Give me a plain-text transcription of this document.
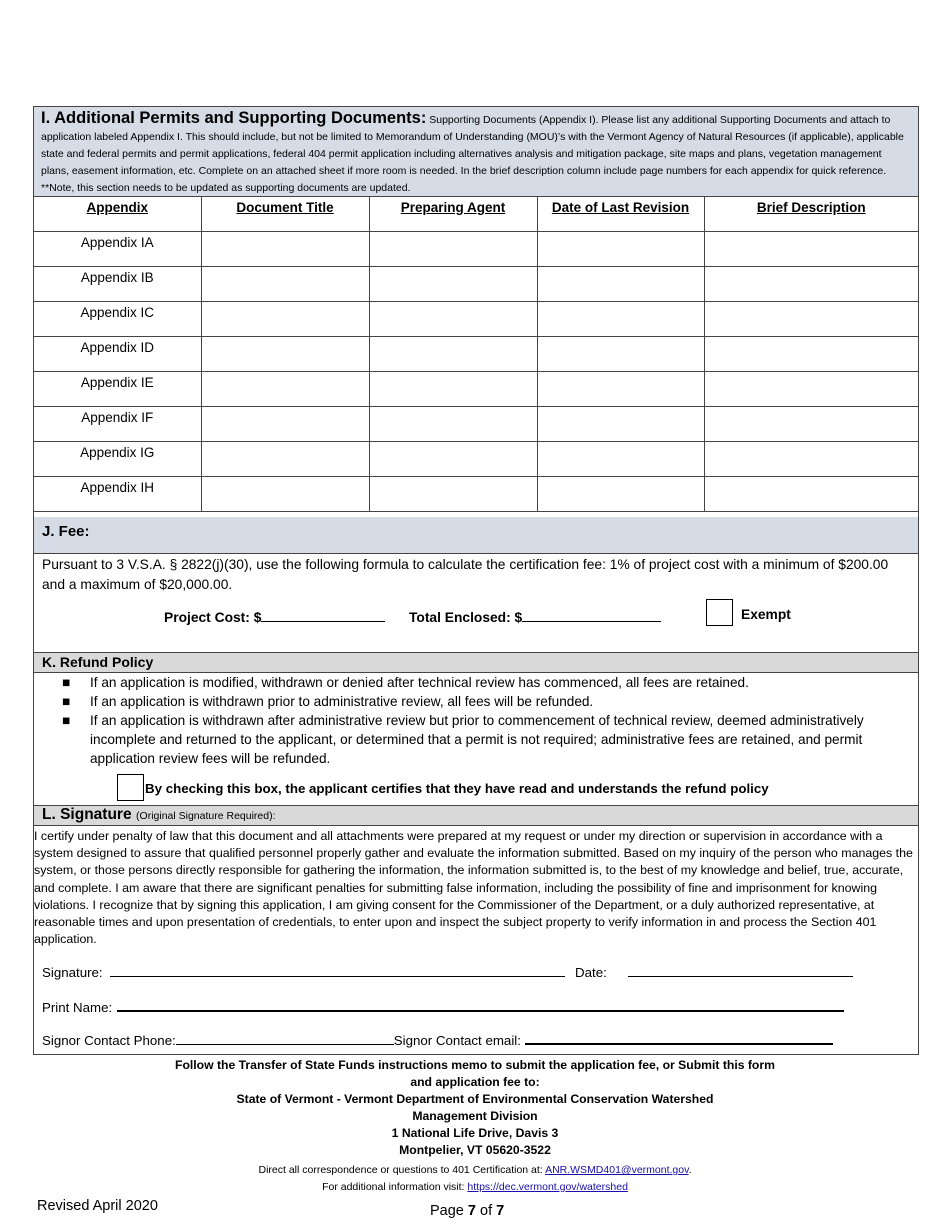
I. Additional Permits and Supporting Documents: Supporting Documents (Appendix I). Please list any additional Supporting Documents and attach to application labeled Appendix I. This should include, but not be limited to Memorandum of Understanding (MOU)’s with the Vermont Agency of Natural Resources (if applicable), applicable state and federal permits and permit applications, federal 404 permit application including alternatives analysis and mitigation package, site maps and plans, vegetation management plans, easement information, etc. Complete on an attached sheet if more room is needed. In the brief description column include page numbers for each appendix for quick reference. **Note, this section needs to be updated as supporting documents are updated.
Appendix	Document Title	Preparing Agent	Date of Last Revision	Brief Description
Appendix IA				
Appendix IB				
Appendix IC				
Appendix ID				
Appendix IE				
Appendix IF				
Appendix IG				
Appendix IH				
J. Fee:
Pursuant to 3 V.S.A. § 2822(j)(30), use the following formula to calculate the certification fee: 1% of project cost with a minimum of $200.00 and a maximum of $20,000.00.
Project Cost: $	Total Enclosed: $	Exempt
K. Refund Policy
■ If an application is modified, withdrawn or denied after technical review has commenced, all fees are retained.
■ If an application is withdrawn prior to administrative review, all fees will be refunded.
■ If an application is withdrawn after administrative review but prior to commencement of technical review, deemed administratively incomplete and returned to the applicant, or determined that a permit is not required; administrative fees are retained, and permit application review fees will be refunded.
By checking this box, the applicant certifies that they have read and understands the refund policy
L. Signature (Original Signature Required):
I certify under penalty of law that this document and all attachments were prepared at my request or under my direction or supervision in accordance with a system designed to assure that qualified personnel properly gather and evaluate the information submitted. Based on my inquiry of the person who manages the system, or those persons directly responsible for gathering the information, the information submitted is, to the best of my knowledge and belief, true, accurate, and complete. I am aware that there are significant penalties for submitting false information, including the possibility of fine and imprisonment for knowing violations. I recognize that by signing this application, I am giving consent for the Commissioner of the Department, or a duly authorized representative, at reasonable times and upon presentation of credentials, to enter upon and inspect the subject property to verify information in and process the Section 401 application.
Signature:	Date:
Print Name:
Signor Contact Phone:	Signor Contact email:
Follow the Transfer of State Funds instructions memo to submit the application fee, or Submit this form
and application fee to:
State of Vermont - Vermont Department of Environmental Conservation Watershed
Management Division
1 National Life Drive, Davis 3
Montpelier, VT 05620-3522
Direct all correspondence or questions to 401 Certification at: ANR.WSMD401@vermont.gov.
For additional information visit: https://dec.vermont.gov/watershed
Revised April 2020	Page 7 of 7
